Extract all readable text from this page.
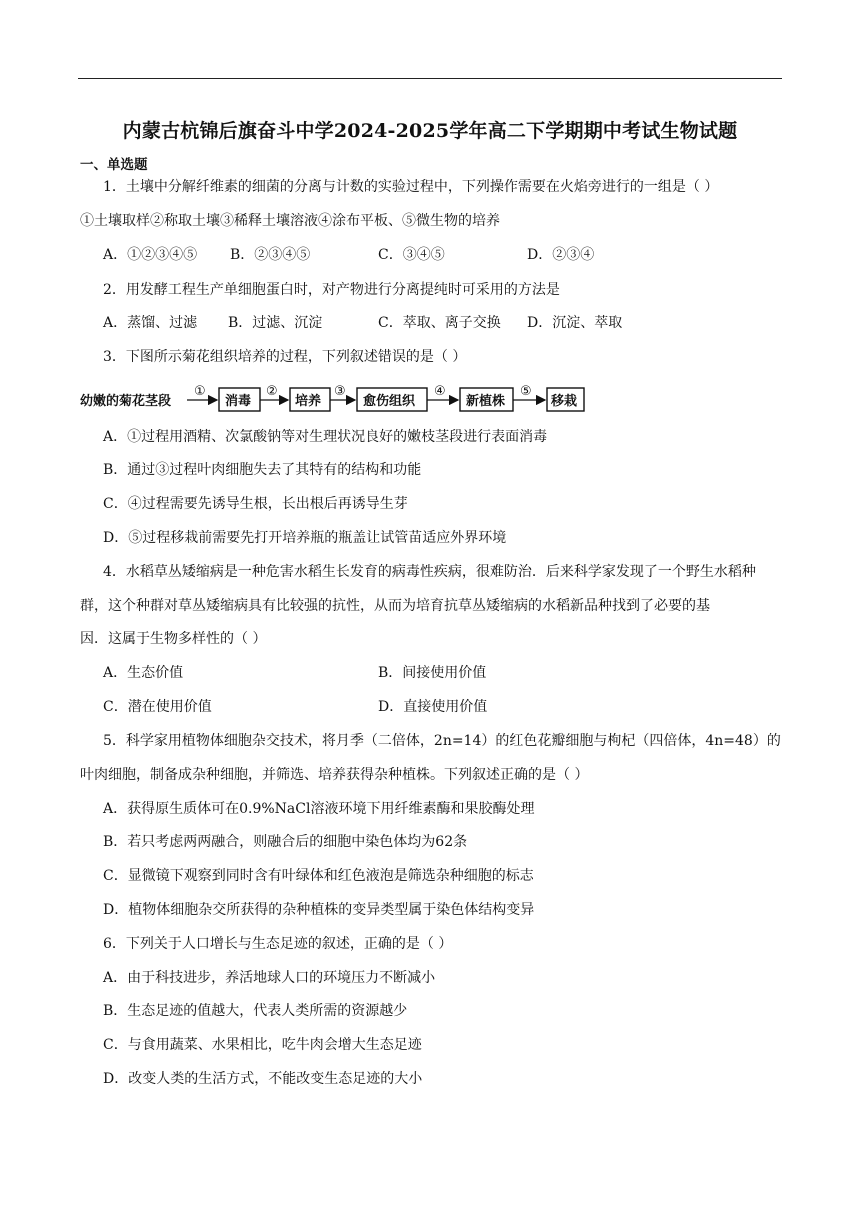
内蒙古杭锦后旗奋斗中学2024-2025学年高二下学期期中考试生物试题
一、单选题
1．土壤中分解纤维素的细菌的分离与计数的实验过程中，下列操作需要在火焰旁进行的一组是（ ）
①土壤取样②称取土壤③稀释土壤溶液④涂布平板、⑤微生物的培养
A．①②③④⑤ B．②③④⑤	C．③④⑤	D．②③④
2．用发酵工程生产单细胞蛋白时，对产物进行分离提纯时可采用的方法是
A．蒸馏、过滤 B．过滤、沉淀	C．萃取、离子交换 D．沉淀、萃取
3．下图所示菊花组织培养的过程，下列叙述错误的是（ ）
幼嫩的菊花茎段
①
消毒
②
培养
③
愈伤组织
④
新植株
⑤
移栽
A．①过程用酒精、次氯酸钠等对生理状况良好的嫩枝茎段进行表面消毒
B．通过③过程叶肉细胞失去了其特有的结构和功能
C．④过程需要先诱导生根，长出根后再诱导生芽
D．⑤过程移栽前需要先打开培养瓶的瓶盖让试管苗适应外界环境
4．水稻草丛矮缩病是一种危害水稻生长发育的病毒性疾病，很难防治．后来科学家发现了一个野生水稻种
群，这个种群对草丛矮缩病具有比较强的抗性，从而为培育抗草丛矮缩病的水稻新品种找到了必要的基
因．这属于生物多样性的（ ）
A．生态价值	B．间接使用价值
C．潜在使用价值	D．直接使用价值
5．科学家用植物体细胞杂交技术，将月季（二倍体，2n=14）的红色花瓣细胞与枸杞（四倍体，4n=48）的
叶肉细胞，制备成杂种细胞，并筛选、培养获得杂种植株。下列叙述正确的是（ ）
A．获得原生质体可在0.9%NaCl溶液环境下用纤维素酶和果胶酶处理
B．若只考虑两两融合，则融合后的细胞中染色体均为62条
C．显微镜下观察到同时含有叶绿体和红色液泡是筛选杂种细胞的标志
D．植物体细胞杂交所获得的杂种植株的变异类型属于染色体结构变异
6．下列关于人口增长与生态足迹的叙述，正确的是（ ）
A．由于科技进步，养活地球人口的环境压力不断减小
B．生态足迹的值越大，代表人类所需的资源越少
C．与食用蔬菜、水果相比，吃牛肉会增大生态足迹
D．改变人类的生活方式，不能改变生态足迹的大小
